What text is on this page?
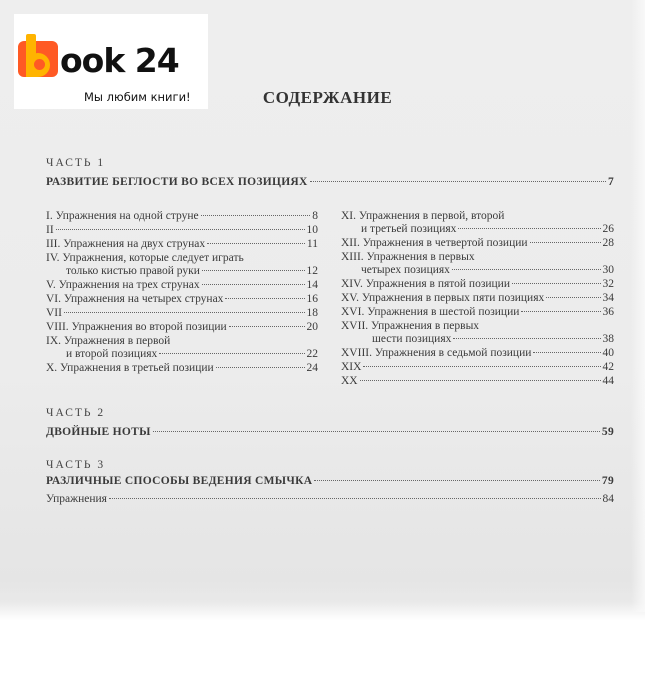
ook 24
Мы любим книги!	СОДЕРЖАНИЕ
ЧАСТЬ 1
РАЗВИТИЕ БЕГЛОСТИ ВО ВСЕХ ПОЗИЦИЯХ	7
I. Упражнения на одной струне	8
II	10
III. Упражнения на двух струнах	11
IV. Упражнения, которые следует играть
только кистью правой руки	12
V. Упражнения на трех струнах	14
VI. Упражнения на четырех струнах	16
VII	18
VIII. Упражнения во второй позиции	20
IX. Упражнения в первой
и второй позициях	22
X. Упражнения в третьей позиции	24
XI. Упражнения в первой, второй
и третьей позициях	26
XII. Упражнения в четвертой позиции	28
XIII. Упражнения в первых
четырех позициях	30
XIV. Упражнения в пятой позиции	32
XV. Упражнения в первых пяти позициях	34
XVI. Упражнения в шестой позиции	36
XVII. Упражнения в первых
шести позициях	38
XVIII. Упражнения в седьмой позиции	40
XIX	42
XX	44
ЧАСТЬ 2
ДВОЙНЫЕ НОТЫ	59
ЧАСТЬ 3
РАЗЛИЧНЫЕ СПОСОБЫ ВЕДЕНИЯ СМЫЧКА	79
Упражнения	84
